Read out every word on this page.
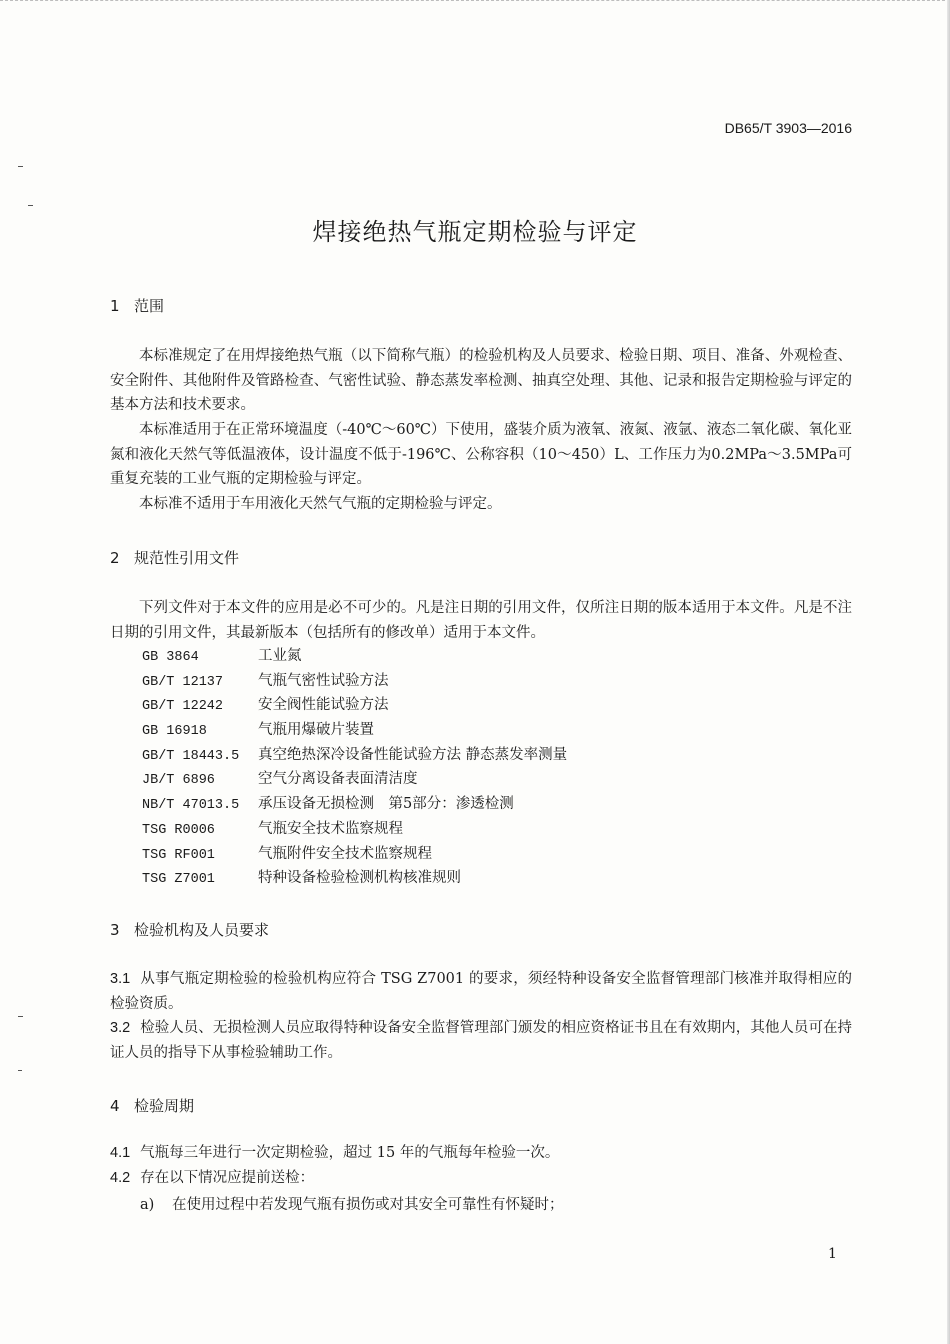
DB65/T 3903—2016
焊接绝热气瓶定期检验与评定
1 范围

本标准规定了在用焊接绝热气瓶（以下简称气瓶）的检验机构及人员要求、检验日期、项目、准备、外观检查、安全附件、其他附件及管路检查、气密性试验、静态蒸发率检测、抽真空处理、其他、记录和报告定期检验与评定的基本方法和技术要求。

本标准适用于在正常环境温度（-40℃～60℃）下使用，盛装介质为液氧、液氮、液氩、液态二氧化碳、氧化亚氮和液化天然气等低温液体，设计温度不低于-196℃、公称容积（10～450）L、工作压力为0.2MPa～3.5MPa可重复充装的工业气瓶的定期检验与评定。

本标准不适用于车用液化天然气气瓶的定期检验与评定。

2 规范性引用文件

下列文件对于本文件的应用是必不可少的。凡是注日期的引用文件，仅所注日期的版本适用于本文件。凡是不注日期的引用文件，其最新版本（包括所有的修改单）适用于本文件。

GB 3864	工业氮
GB/T 12137 气瓶气密性试验方法
GB/T 12242 安全阀性能试验方法
GB 16918	气瓶用爆破片装置
GB/T 18443.5 真空绝热深冷设备性能试验方法 静态蒸发率测量
JB/T 6896	空气分离设备表面清洁度
NB/T 47013.5 承压设备无损检测　第5部分：渗透检测
TSG R0006	气瓶安全技术监察规程
TSG RF001	气瓶附件安全技术监察规程
TSG Z7001	特种设备检验检测机构核准规则
3 检验机构及人员要求

3.1 从事气瓶定期检验的检验机构应符合 TSG Z7001 的要求，须经特种设备安全监督管理部门核准并取得相应的检验资质。

3.2 检验人员、无损检测人员应取得特种设备安全监督管理部门颁发的相应资格证书且在有效期内，其他人员可在持证人员的指导下从事检验辅助工作。

4 检验周期

4.1 气瓶每三年进行一次定期检验，超过 15 年的气瓶每年检验一次。

4.2 存在以下情况应提前送检：

a) 在使用过程中若发现气瓶有损伤或对其安全可靠性有怀疑时；
1
